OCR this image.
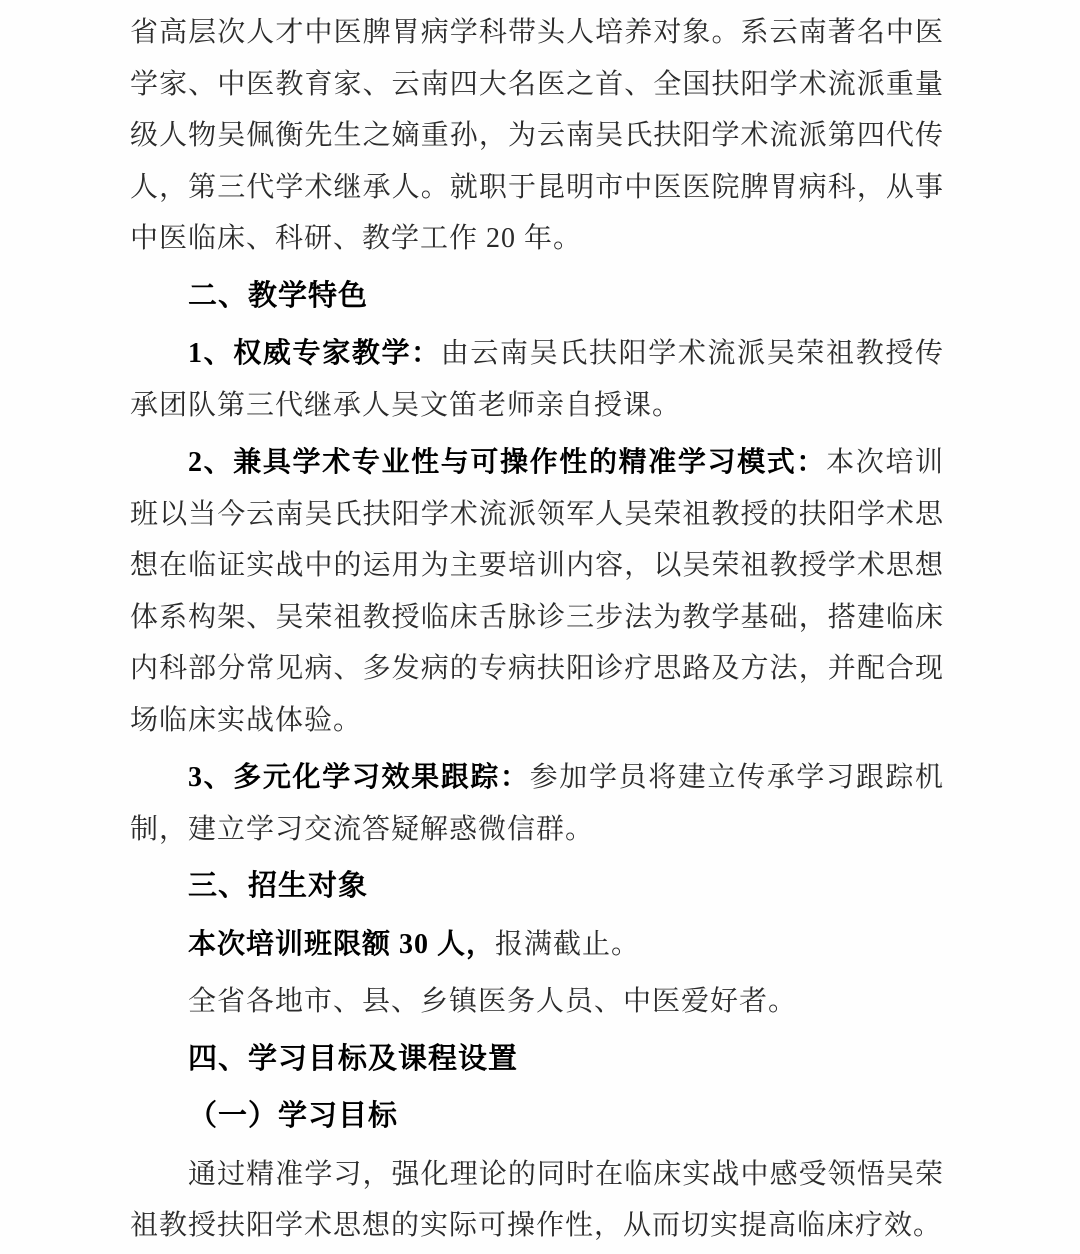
省高层次人才中医脾胃病学科带头人培养对象。系云南著名中医学家、中医教育家、云南四大名医之首、全国扶阳学术流派重量级人物吴佩衡先生之嫡重孙，为云南吴氏扶阳学术流派第四代传人，第三代学术继承人。就职于昆明市中医医院脾胃病科，从事中医临床、科研、教学工作 20 年。

二、教学特色

1、权威专家教学：由云南吴氏扶阳学术流派吴荣祖教授传承团队第三代继承人吴文笛老师亲自授课。

2、兼具学术专业性与可操作性的精准学习模式：本次培训班以当今云南吴氏扶阳学术流派领军人吴荣祖教授的扶阳学术思想在临证实战中的运用为主要培训内容，以吴荣祖教授学术思想体系构架、吴荣祖教授临床舌脉诊三步法为教学基础，搭建临床内科部分常见病、多发病的专病扶阳诊疗思路及方法，并配合现场临床实战体验。

3、多元化学习效果跟踪：参加学员将建立传承学习跟踪机制，建立学习交流答疑解惑微信群。

三、招生对象

本次培训班限额 30 人，报满截止。

全省各地市、县、乡镇医务人员、中医爱好者。

四、学习目标及课程设置

（一）学习目标

通过精准学习，强化理论的同时在临床实战中感受领悟吴荣祖教授扶阳学术思想的实际可操作性，从而切实提高临床疗效。
